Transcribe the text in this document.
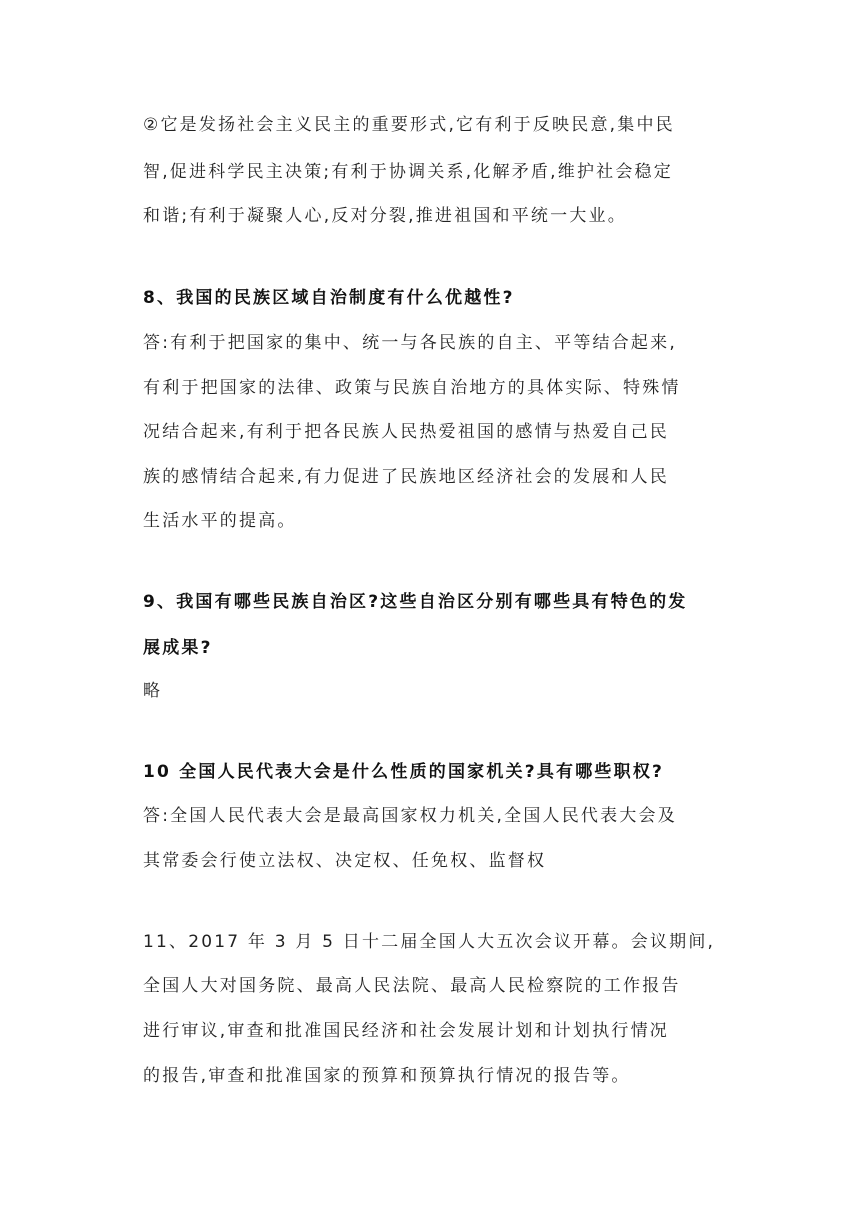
②它是发扬社会主义民主的重要形式,它有利于反映民意,集中民
智,促进科学民主决策;有利于协调关系,化解矛盾,维护社会稳定
和谐;有利于凝聚人心,反对分裂,推进祖国和平统一大业。
8、我国的民族区域自治制度有什么优越性?
答:有利于把国家的集中、统一与各民族的自主、平等结合起来,
有利于把国家的法律、政策与民族自治地方的具体实际、特殊情
况结合起来,有利于把各民族人民热爱祖国的感情与热爱自己民
族的感情结合起来,有力促进了民族地区经济社会的发展和人民
生活水平的提高。
9、我国有哪些民族自治区?这些自治区分别有哪些具有特色的发
展成果?
略
10 全国人民代表大会是什么性质的国家机关?具有哪些职权?
答:全国人民代表大会是最高国家权力机关,全国人民代表大会及
其常委会行使立法权、决定权、任免权、监督权
11、2017 年 3 月 5 日十二届全国人大五次会议开幕。会议期间,
全国人大对国务院、最高人民法院、最高人民检察院的工作报告
进行审议,审查和批准国民经济和社会发展计划和计划执行情况
的报告,审查和批准国家的预算和预算执行情况的报告等。
